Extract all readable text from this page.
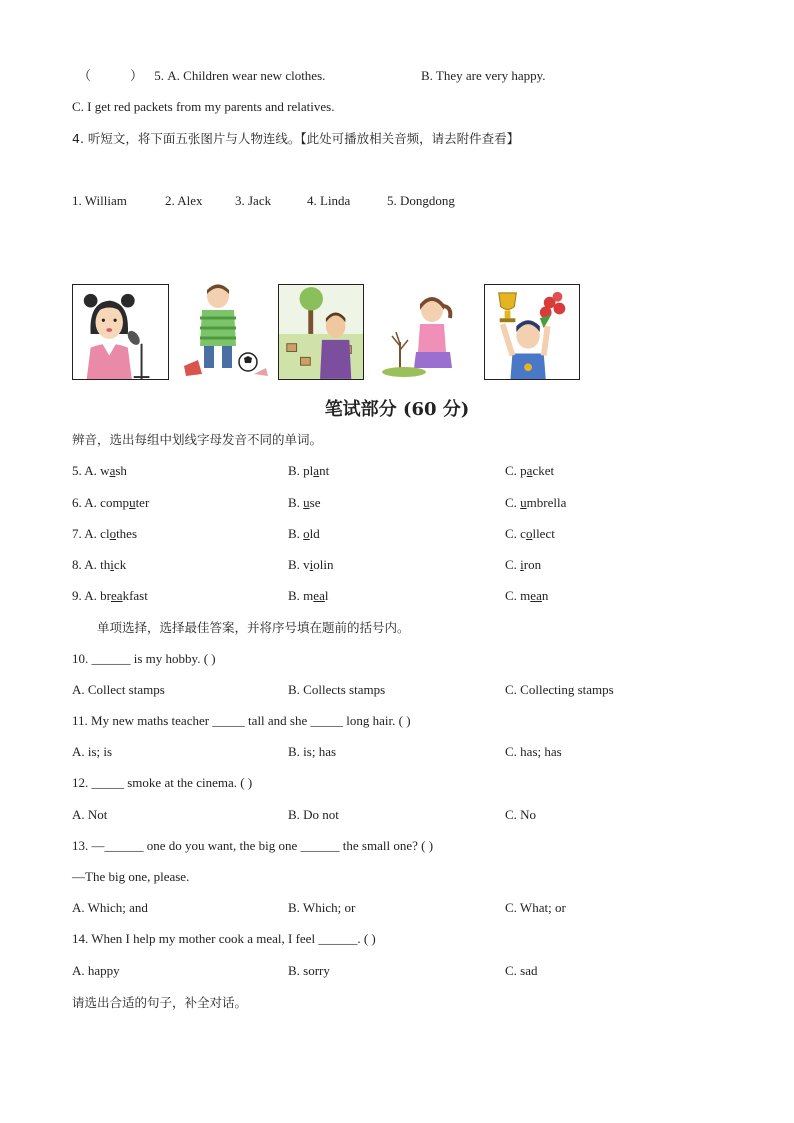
（　　　） 5. A. Children wear new clothes.	B. They are very happy.
C. I get red packets from my parents and relatives.
4. 听短文，将下面五张图片与人物连线。【此处可播放相关音频，请去附件查看】
1. William	2. Alex 3. Jack	4. Linda	5. Dongdong
笔试部分 (60 分)
辨音，选出每组中划线字母发音不同的单词。
5. A. wash	B. plant	C. packet
6. A. computer	B. use	C. umbrella
7. A. clothes	B. old	C. collect
8. A. thick	B. violin	C. iron
9. A. breakfast	B. meal	C. mean
单项选择，选择最佳答案，并将序号填在题前的括号内。
10. ______ is my hobby. ( )
A. Collect stamps	B. Collects stamps	C. Collecting stamps
11. My new maths teacher _____ tall and she _____ long hair. ( )
A. is; is	B. is; has	C. has; has
12. _____ smoke at the cinema. ( )
A. Not	B. Do not	C. No
13. —______ one do you want, the big one ______ the small one? ( )
—The big one, please.
A. Which; and	B. Which; or	C. What; or
14. When I help my mother cook a meal, I feel ______. ( )
A. happy	B. sorry	C. sad
请选出合适的句子，补全对话。
